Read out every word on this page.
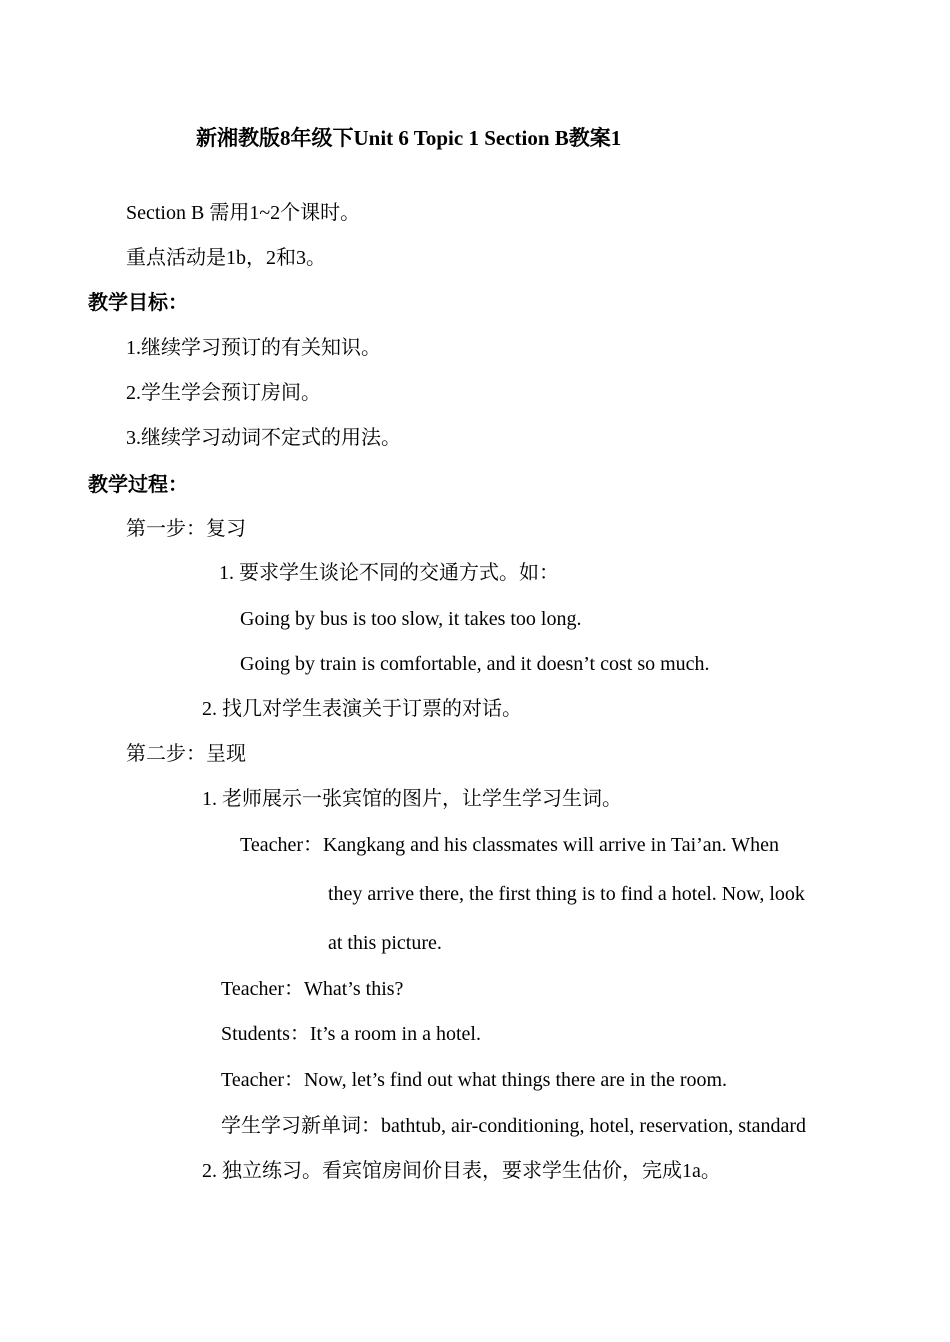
新湘教版8年级下Unit 6 Topic 1 Section B教案1
Section B 需用1~2个课时。
重点活动是1b，2和3。
教学目标：
1.继续学习预订的有关知识。
2.学生学会预订房间。
3.继续学习动词不定式的用法。
教学过程：
第一步：复习
1. 要求学生谈论不同的交通方式。如：
Going by bus is too slow, it takes too long.
Going by train is comfortable, and it doesn’t cost so much.
2. 找几对学生表演关于订票的对话。
第二步：呈现
1. 老师展示一张宾馆的图片，让学生学习生词。
Teacher：Kangkang and his classmates will arrive in Tai’an. When
they arrive there, the first thing is to find a hotel. Now, look
at this picture.
Teacher：What’s this?
Students：It’s a room in a hotel.
Teacher：Now, let’s find out what things there are in the room.
学生学习新单词：bathtub, air-conditioning, hotel, reservation, standard
2. 独立练习。看宾馆房间价目表，要求学生估价，完成1a。
